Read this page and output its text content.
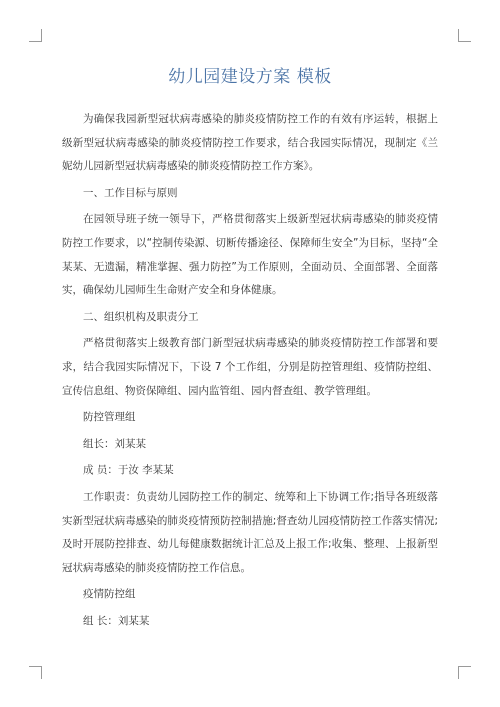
幼儿园建设方案 模板

为确保我园新型冠状病毒感染的肺炎疫情防控工作的有效有序运转，根据上级新型冠状病毒感染的肺炎疫情防控工作要求，结合我园实际情况，现制定《兰妮幼儿园新型冠状病毒感染的肺炎疫情防控工作方案》。

一、工作目标与原则

在园领导班子统一领导下，严格贯彻落实上级新型冠状病毒感染的肺炎疫情防控工作要求，以“控制传染源、切断传播途径、保障师生安全”为目标，坚持“全某某、无遗漏，精准掌握、强力防控”为工作原则，全面动员、全面部署、全面落实，确保幼儿园师生生命财产安全和身体健康。

二、组织机构及职责分工

严格贯彻落实上级教育部门新型冠状病毒感染的肺炎疫情防控工作部署和要求，结合我园实际情况下，下设 7 个工作组，分别是防控管理组、疫情防控组、宣传信息组、物资保障组、园内监管组、园内督查组、教学管理组。

防控管理组

组长：刘某某

成 员：于汝 李某某

工作职责：负责幼儿园防控工作的制定、统筹和上下协调工作;指导各班级落实新型冠状病毒感染的肺炎疫情预防控制措施;督查幼儿园疫情防控工作落实情况;及时开展防控排查、幼儿每健康数据统计汇总及上报工作;收集、整理、上报新型冠状病毒感染的肺炎疫情防控工作信息。

疫情防控组

组 长：刘某某
